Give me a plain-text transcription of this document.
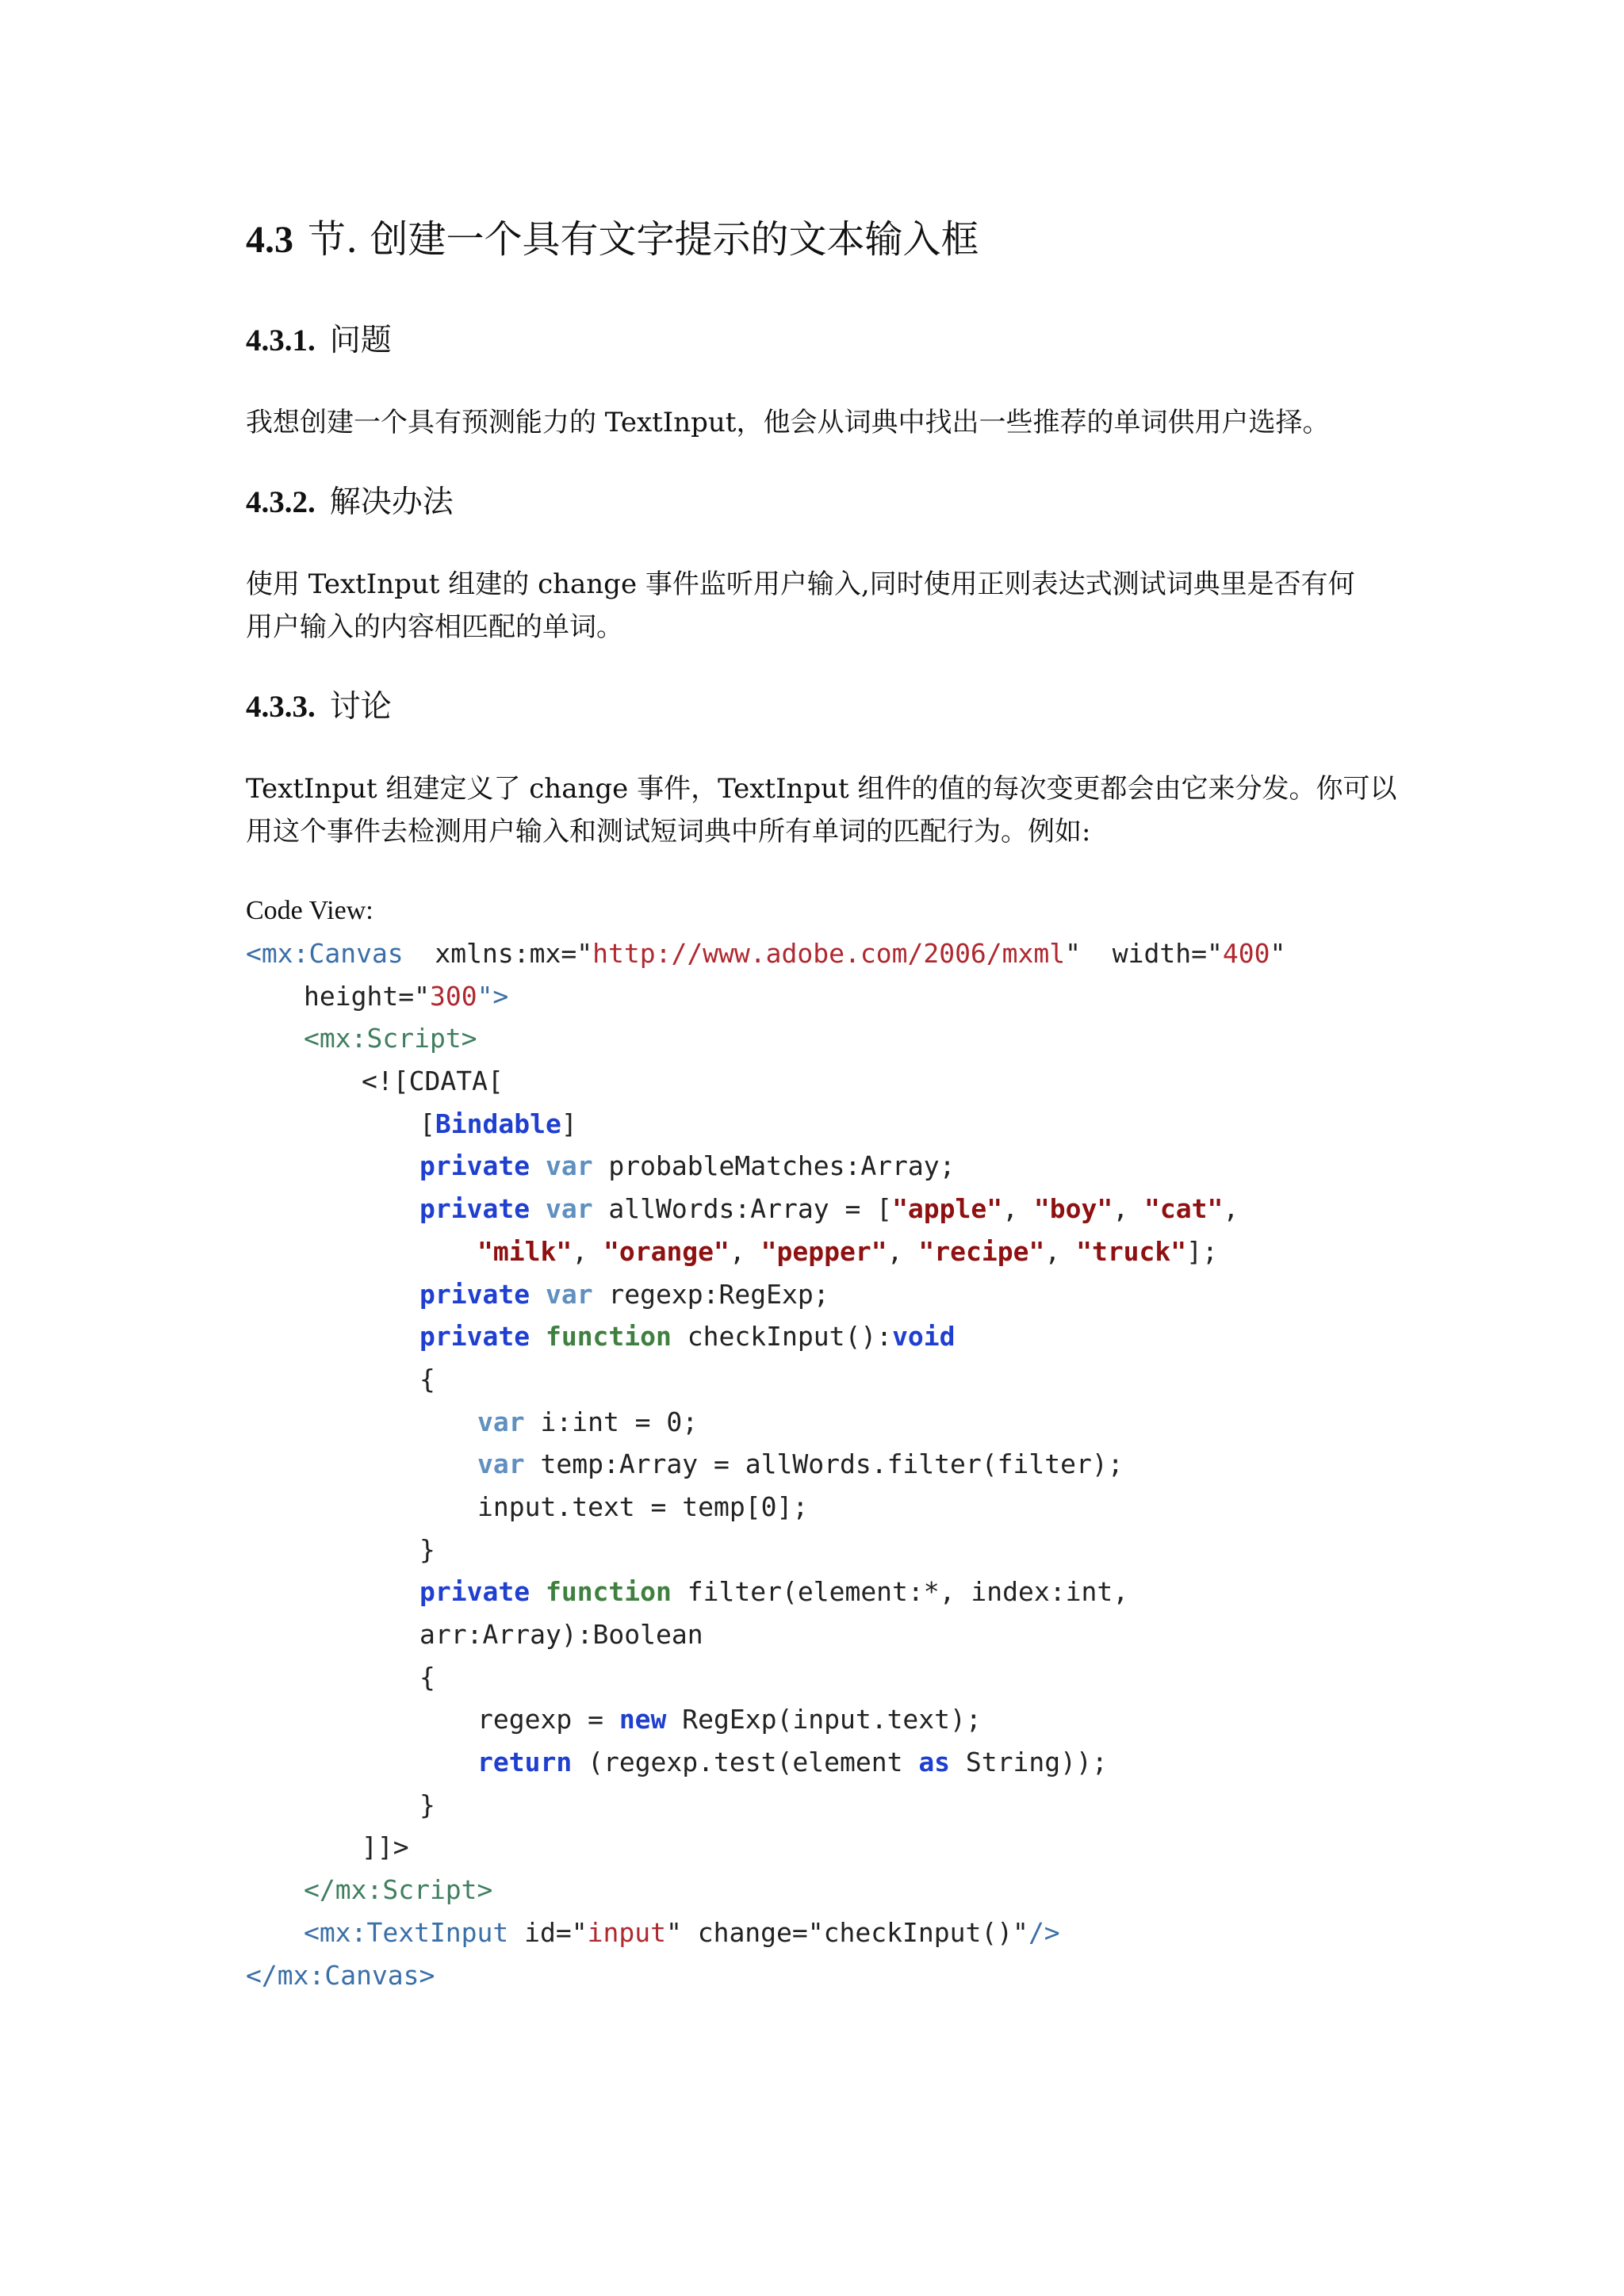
4.3 节. 创建一个具有文字提示的文本输入框
4.3.1. 问题
我想创建一个具有预测能力的 TextInput，他会从词典中找出一些推荐的单词供用户选择。
4.3.2. 解决办法
使用 TextInput 组建的 change 事件监听用户输入,同时使用正则表达式测试词典里是否有何
用户输入的内容相匹配的单词。
4.3.3. 讨论
TextInput 组建定义了 change 事件，TextInput 组件的值的每次变更都会由它来分发。你可以
用这个事件去检测用户输入和测试短词典中所有单词的匹配行为。例如:
Code View:
<mx:Canvas  xmlns:mx="http://www.adobe.com/2006/mxml"  width="400"
height="300">
<mx:Script>
<![CDATA[
[Bindable]
private var probableMatches:Array;
private var allWords:Array = ["apple", "boy", "cat",
"milk", "orange", "pepper", "recipe", "truck"];
private var regexp:RegExp;
private function checkInput():void
{
var i:int = 0;
var temp:Array = allWords.filter(filter);
input.text = temp[0];
}
private function filter(element:*, index:int,
arr:Array):Boolean
{
regexp = new RegExp(input.text);
return (regexp.test(element as String));
}
]]>
</mx:Script>
<mx:TextInput id="input" change="checkInput()"/>
</mx:Canvas>
